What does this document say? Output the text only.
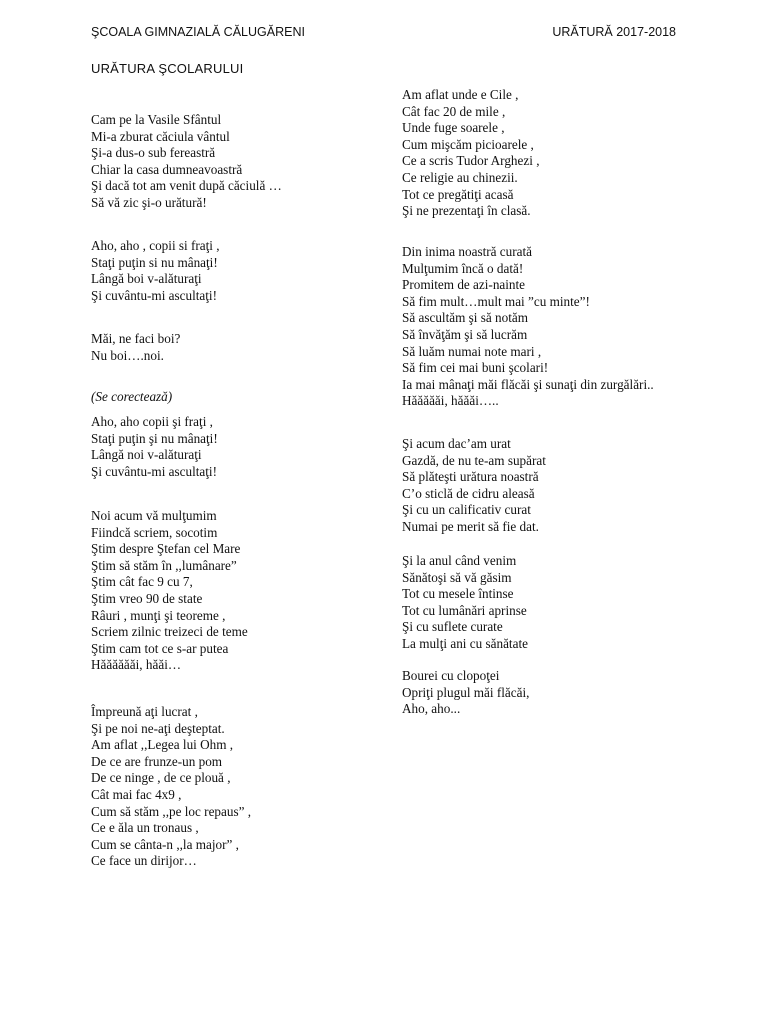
ŞCOALA GIMNAZIALĂ CĂLUGĂRENI	URĂTURĂ 2017-2018
URĂTURA ŞCOLARULUI
Cam pe la Vasile Sfântul
Mi-a zburat căciula vântul
Şi-a dus-o sub fereastră
Chiar la casa dumneavoastră
Şi dacă tot am venit după căciulă …
Să vă zic şi-o urătură!
Aho, aho , copii si fraţi ,
Staţi puţin si nu mânaţi!
Lângă boi v-alăturaţi
Şi cuvântu-mi ascultaţi!
Măi, ne faci boi?
Nu boi….noi.
(Se corectează)
Aho, aho copii şi fraţi ,
Staţi puţin şi nu mânaţi!
Lângă noi v-alăturaţi
Şi cuvântu-mi ascultaţi!
Noi acum vă mulţumim
Fiindcă scriem, socotim
Ştim despre Ştefan cel Mare
Ştim să stăm în ,,lumânare”
Ştim cât fac 9 cu 7,
Ştim vreo 90 de state
Râuri , munţi şi teoreme ,
Scriem zilnic treizeci de teme
Ştim cam tot ce s-ar putea
Hăăăăăăi, hăăi…
Împreună aţi lucrat ,
Şi pe noi ne-aţi deşteptat.
Am aflat ,,Legea lui Ohm ,
De ce are frunze-un pom
De ce ninge , de ce plouă ,
Cât mai fac 4x9 ,
Cum să stăm ,,pe loc repaus” ,
Ce e ăla un tronaus ,
Cum se cânta-n ,,la major” ,
Ce face un dirijor…
Am aflat unde e Cile ,
Cât fac 20 de mile ,
Unde fuge soarele ,
Cum mişcăm picioarele ,
Ce a scris Tudor Arghezi ,
Ce religie au chinezii.
Tot ce pregătiţi acasă
Şi ne prezentaţi în clasă.
Din inima noastră curată
Mulţumim încă o dată!
Promitem de azi-nainte
Să fim mult…mult mai ”cu minte”!
Să ascultăm şi să notăm
Să învăţăm şi să lucrăm
Să luăm numai note mari ,
Să fim cei mai buni şcolari!
Ia mai mânaţi măi flăcăi şi sunaţi din zurgălări..
Hăăăăăi, hăăăi…..
Şi acum dac’am urat
Gazdă, de nu te-am supărat
Să plăteşti urătura noastră
C’o sticlă de cidru aleasă
Şi cu un calificativ curat
Numai pe merit să fie dat.
Şi la anul când venim
Sănătoşi să vă găsim
Tot cu mesele întinse
Tot cu lumânări aprinse
Şi cu suflete curate
La mulţi ani cu sănătate
Bourei cu clopoţei
Opriţi plugul măi flăcăi,
Aho, aho...
